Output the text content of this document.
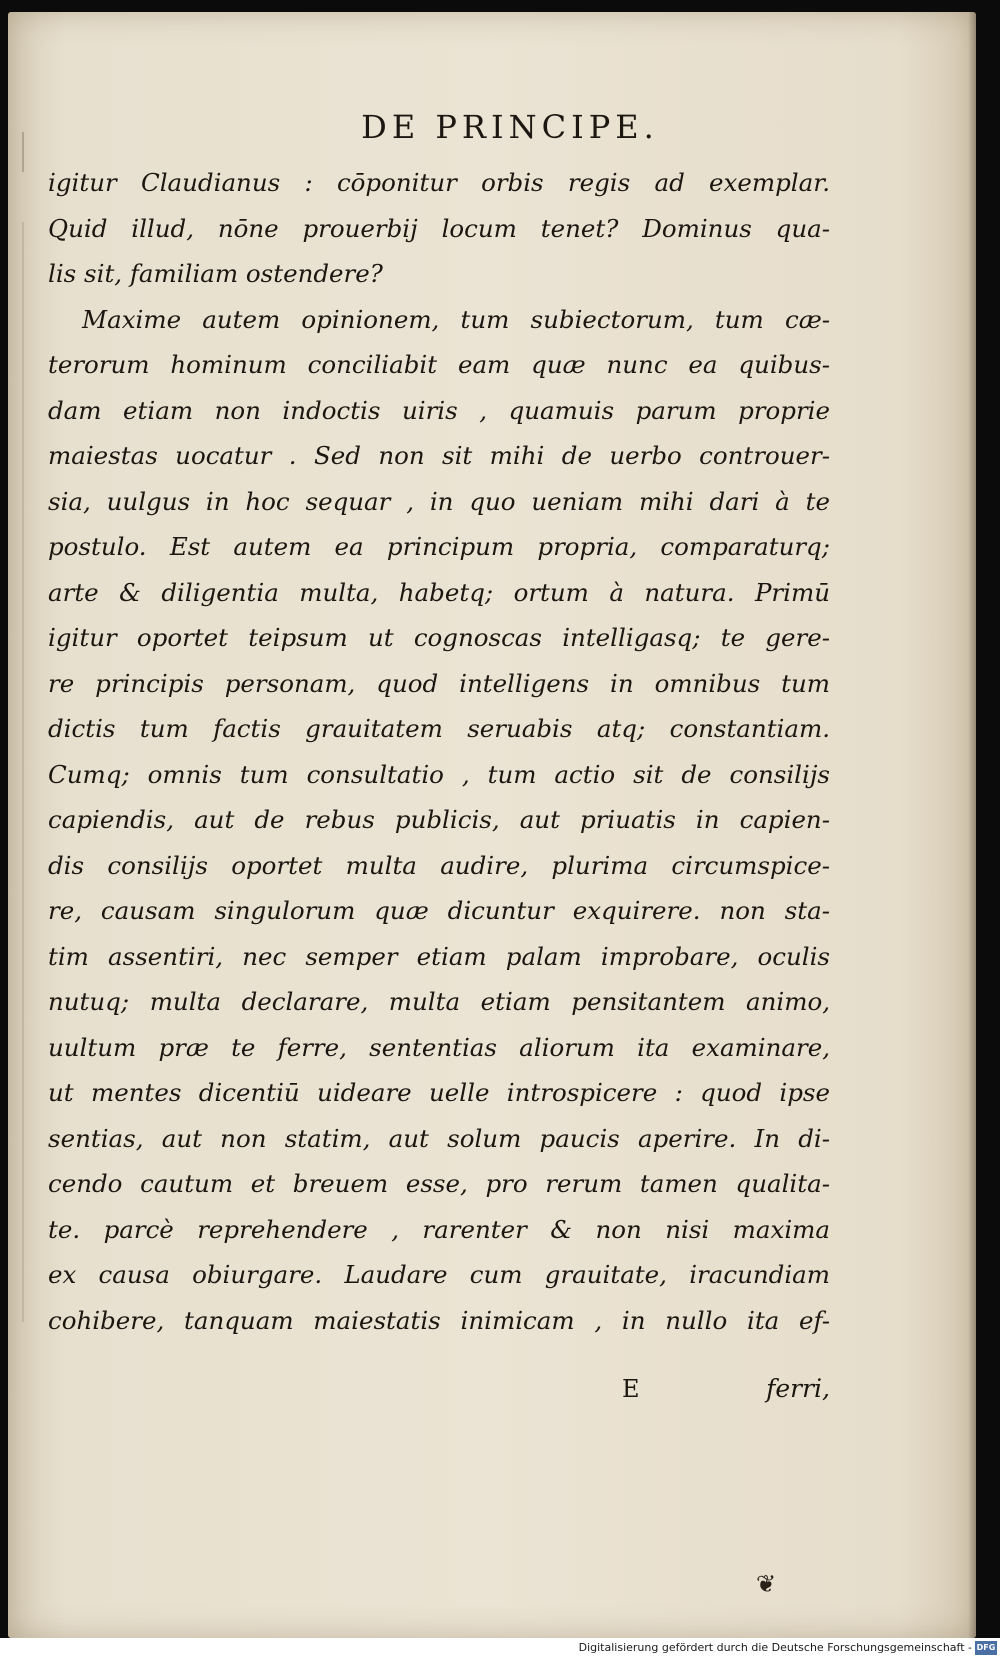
DE PRINCIPE.
igitur Claudianus : cōponitur orbis regis ad exemplar.
Quid illud, nōne prouerbij locum tenet? Dominus qua-
lis sit, familiam ostendere?
Maxime autem opinionem, tum subiectorum, tum cæ-
terorum hominum conciliabit eam quæ nunc ea quibus-
dam etiam non indoctis uiris , quamuis parum proprie
maiestas uocatur . Sed non sit mihi de uerbo controuer-
sia, uulgus in hoc sequar , in quo ueniam mihi dari à te
postulo. Est autem ea principum propria, comparaturq;
arte & diligentia multa, habetq; ortum à natura. Primū
igitur oportet teipsum ut cognoscas intelligasq; te gere-
re principis personam, quod intelligens in omnibus tum
dictis tum factis grauitatem seruabis atq; constantiam.
Cumq; omnis tum consultatio , tum actio sit de consilijs
capiendis, aut de rebus publicis, aut priuatis in capien-
dis consilijs oportet multa audire, plurima circumspice-
re, causam singulorum quæ dicuntur exquirere. non sta-
tim assentiri, nec semper etiam palam improbare, oculis
nutuq; multa declarare, multa etiam pensitantem animo,
uultum præ te ferre, sententias aliorum ita examinare,
ut mentes dicentiū uideare uelle introspicere : quod ipse
sentias, aut non statim, aut solum paucis aperire. In di-
cendo cautum et breuem esse, pro rerum tamen qualita-
te. parcè reprehendere , rarenter & non nisi maxima
ex causa obiurgare. Laudare cum grauitate, iracundiam
cohibere, tanquam maiestatis inimicam , in nullo ita ef-
E	ferri,
❦
Digitalisierung gefördert durch die Deutsche Forschungsgemeinschaft - DFG
